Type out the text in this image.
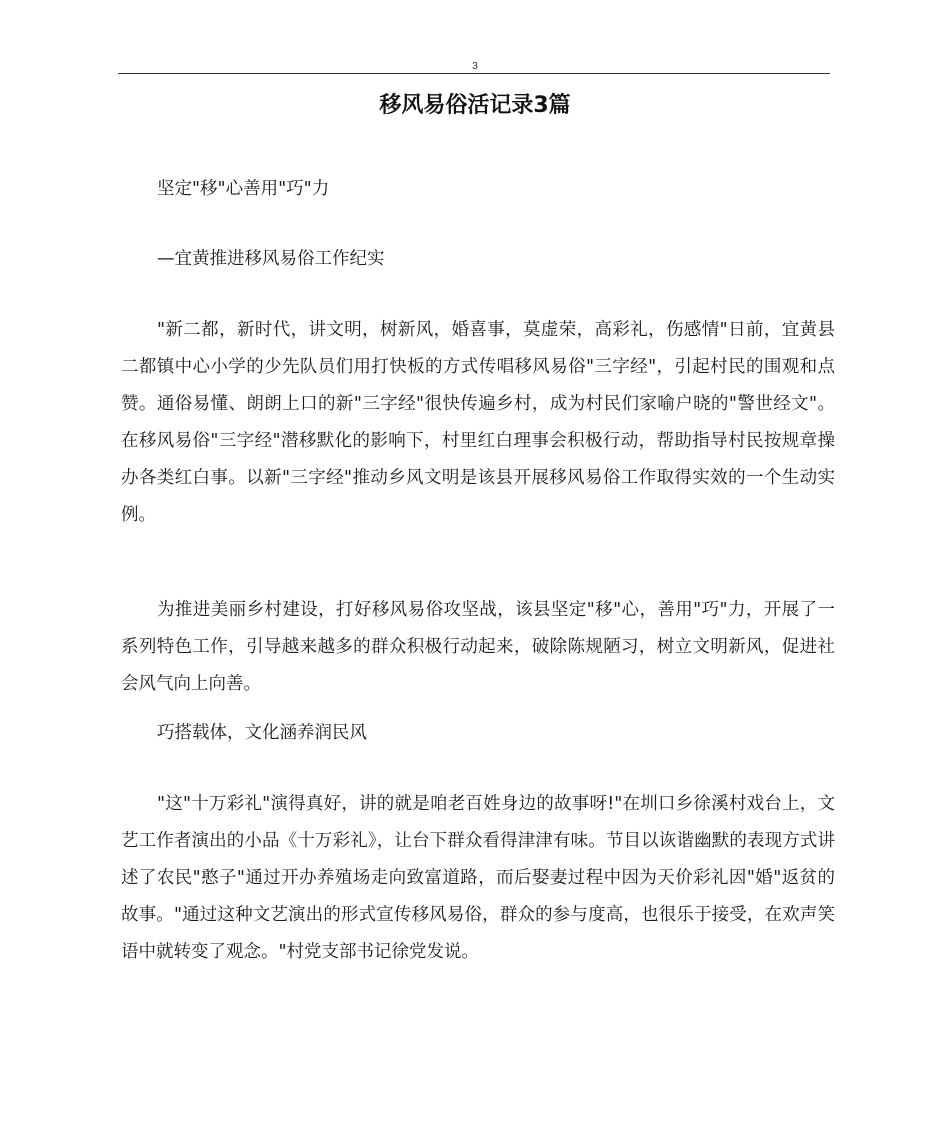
3
移风易俗活记录3篇

坚定"移"心善用"巧"力

—宜黄推进移风易俗工作纪实

"新二都，新时代，讲文明，树新风，婚喜事，莫虚荣，高彩礼，伤感情"日前，宜黄县二都镇中心小学的少先队员们用打快板的方式传唱移风易俗"三字经"，引起村民的围观和点赞。通俗易懂、朗朗上口的新"三字经"很快传遍乡村，成为村民们家喻户晓的"警世经文"。在移风易俗"三字经"潜移默化的影响下，村里红白理事会积极行动，帮助指导村民按规章操办各类红白事。以新"三字经"推动乡风文明是该县开展移风易俗工作取得实效的一个生动实例。

为推进美丽乡村建设，打好移风易俗攻坚战，该县坚定"移"心，善用"巧"力，开展了一系列特色工作，引导越来越多的群众积极行动起来，破除陈规陋习，树立文明新风，促进社会风气向上向善。

巧搭载体，文化涵养润民风

"这"十万彩礼"演得真好，讲的就是咱老百姓身边的故事呀!"在圳口乡徐溪村戏台上，文艺工作者演出的小品《十万彩礼》，让台下群众看得津津有味。节目以诙谐幽默的表现方式讲述了农民"憨子"通过开办养殖场走向致富道路，而后娶妻过程中因为天价彩礼因"婚"返贫的故事。"通过这种文艺演出的形式宣传移风易俗，群众的参与度高，也很乐于接受，在欢声笑语中就转变了观念。"村党支部书记徐党发说。
